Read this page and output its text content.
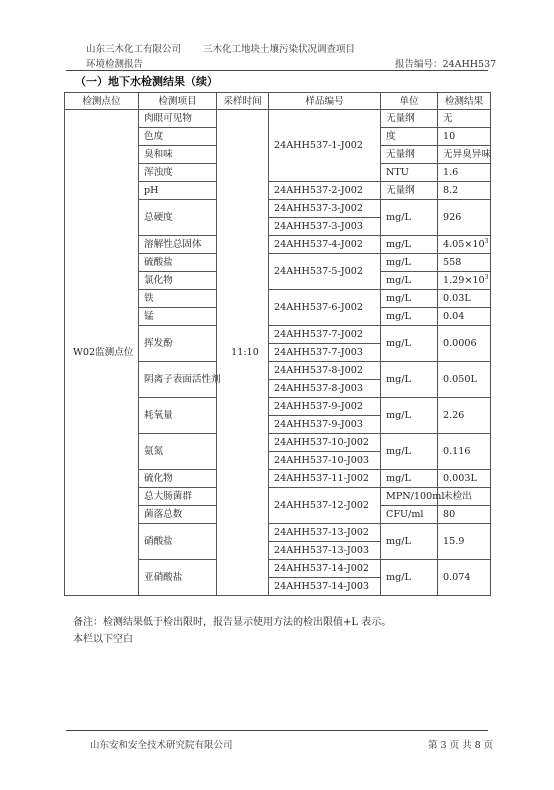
山东三木化工有限公司 三木化工地块土壤污染状况调查项目
环境检测报告	报告编号：24AHH537
（一）地下水检测结果（续）
检测点位	检测项目	采样时间	样品编号	单位	检测结果
W02监测点位	肉眼可见物	11:10	24AHH537-1-J002	无量纲	无
	色度			度	10
	臭和味			无量纲	无异臭异味
	浑浊度			NTU	1.6
	pH		24AHH537-2-J002	无量纲	8.2
	总硬度		24AHH537-3-J002	mg/L	926
			24AHH537-3-J003		
	溶解性总固体		24AHH537-4-J002	mg/L	$4.05\times 10^3$
	硫酸盐		24AHH537-5-J002	mg/L	558
	氯化物			mg/L	$1.29\times 10^3$
	铁		24AHH537-6-J002	mg/L	0.03L
	锰			mg/L	0.04
	挥发酚		24AHH537-7-J002	mg/L	0.0006
			24AHH537-7-J003		
	阴离子表面活性剂		24AHH537-8-J002	mg/L	0.050L
			24AHH537-8-J003		
	耗氧量		24AHH537-9-J002	mg/L	2.26
			24AHH537-9-J003		
	氨氮		24AHH537-10-J002	mg/L	0.116
			24AHH537-10-J003		
	硫化物		24AHH537-11-J002	mg/L	0.003L
	总大肠菌群		24AHH537-12-J002	MPN/100ml	未检出
	菌落总数			CFU/ml	80
	硝酸盐		24AHH537-13-J002	mg/L	15.9
			24AHH537-13-J003		
	亚硝酸盐		24AHH537-14-J002	mg/L	0.074
			24AHH537-14-J003		
备注：检测结果低于检出限时，报告显示使用方法的检出限值+L 表示。
本栏以下空白
山东安和安全技术研究院有限公司	第 3 页 共 8 页
